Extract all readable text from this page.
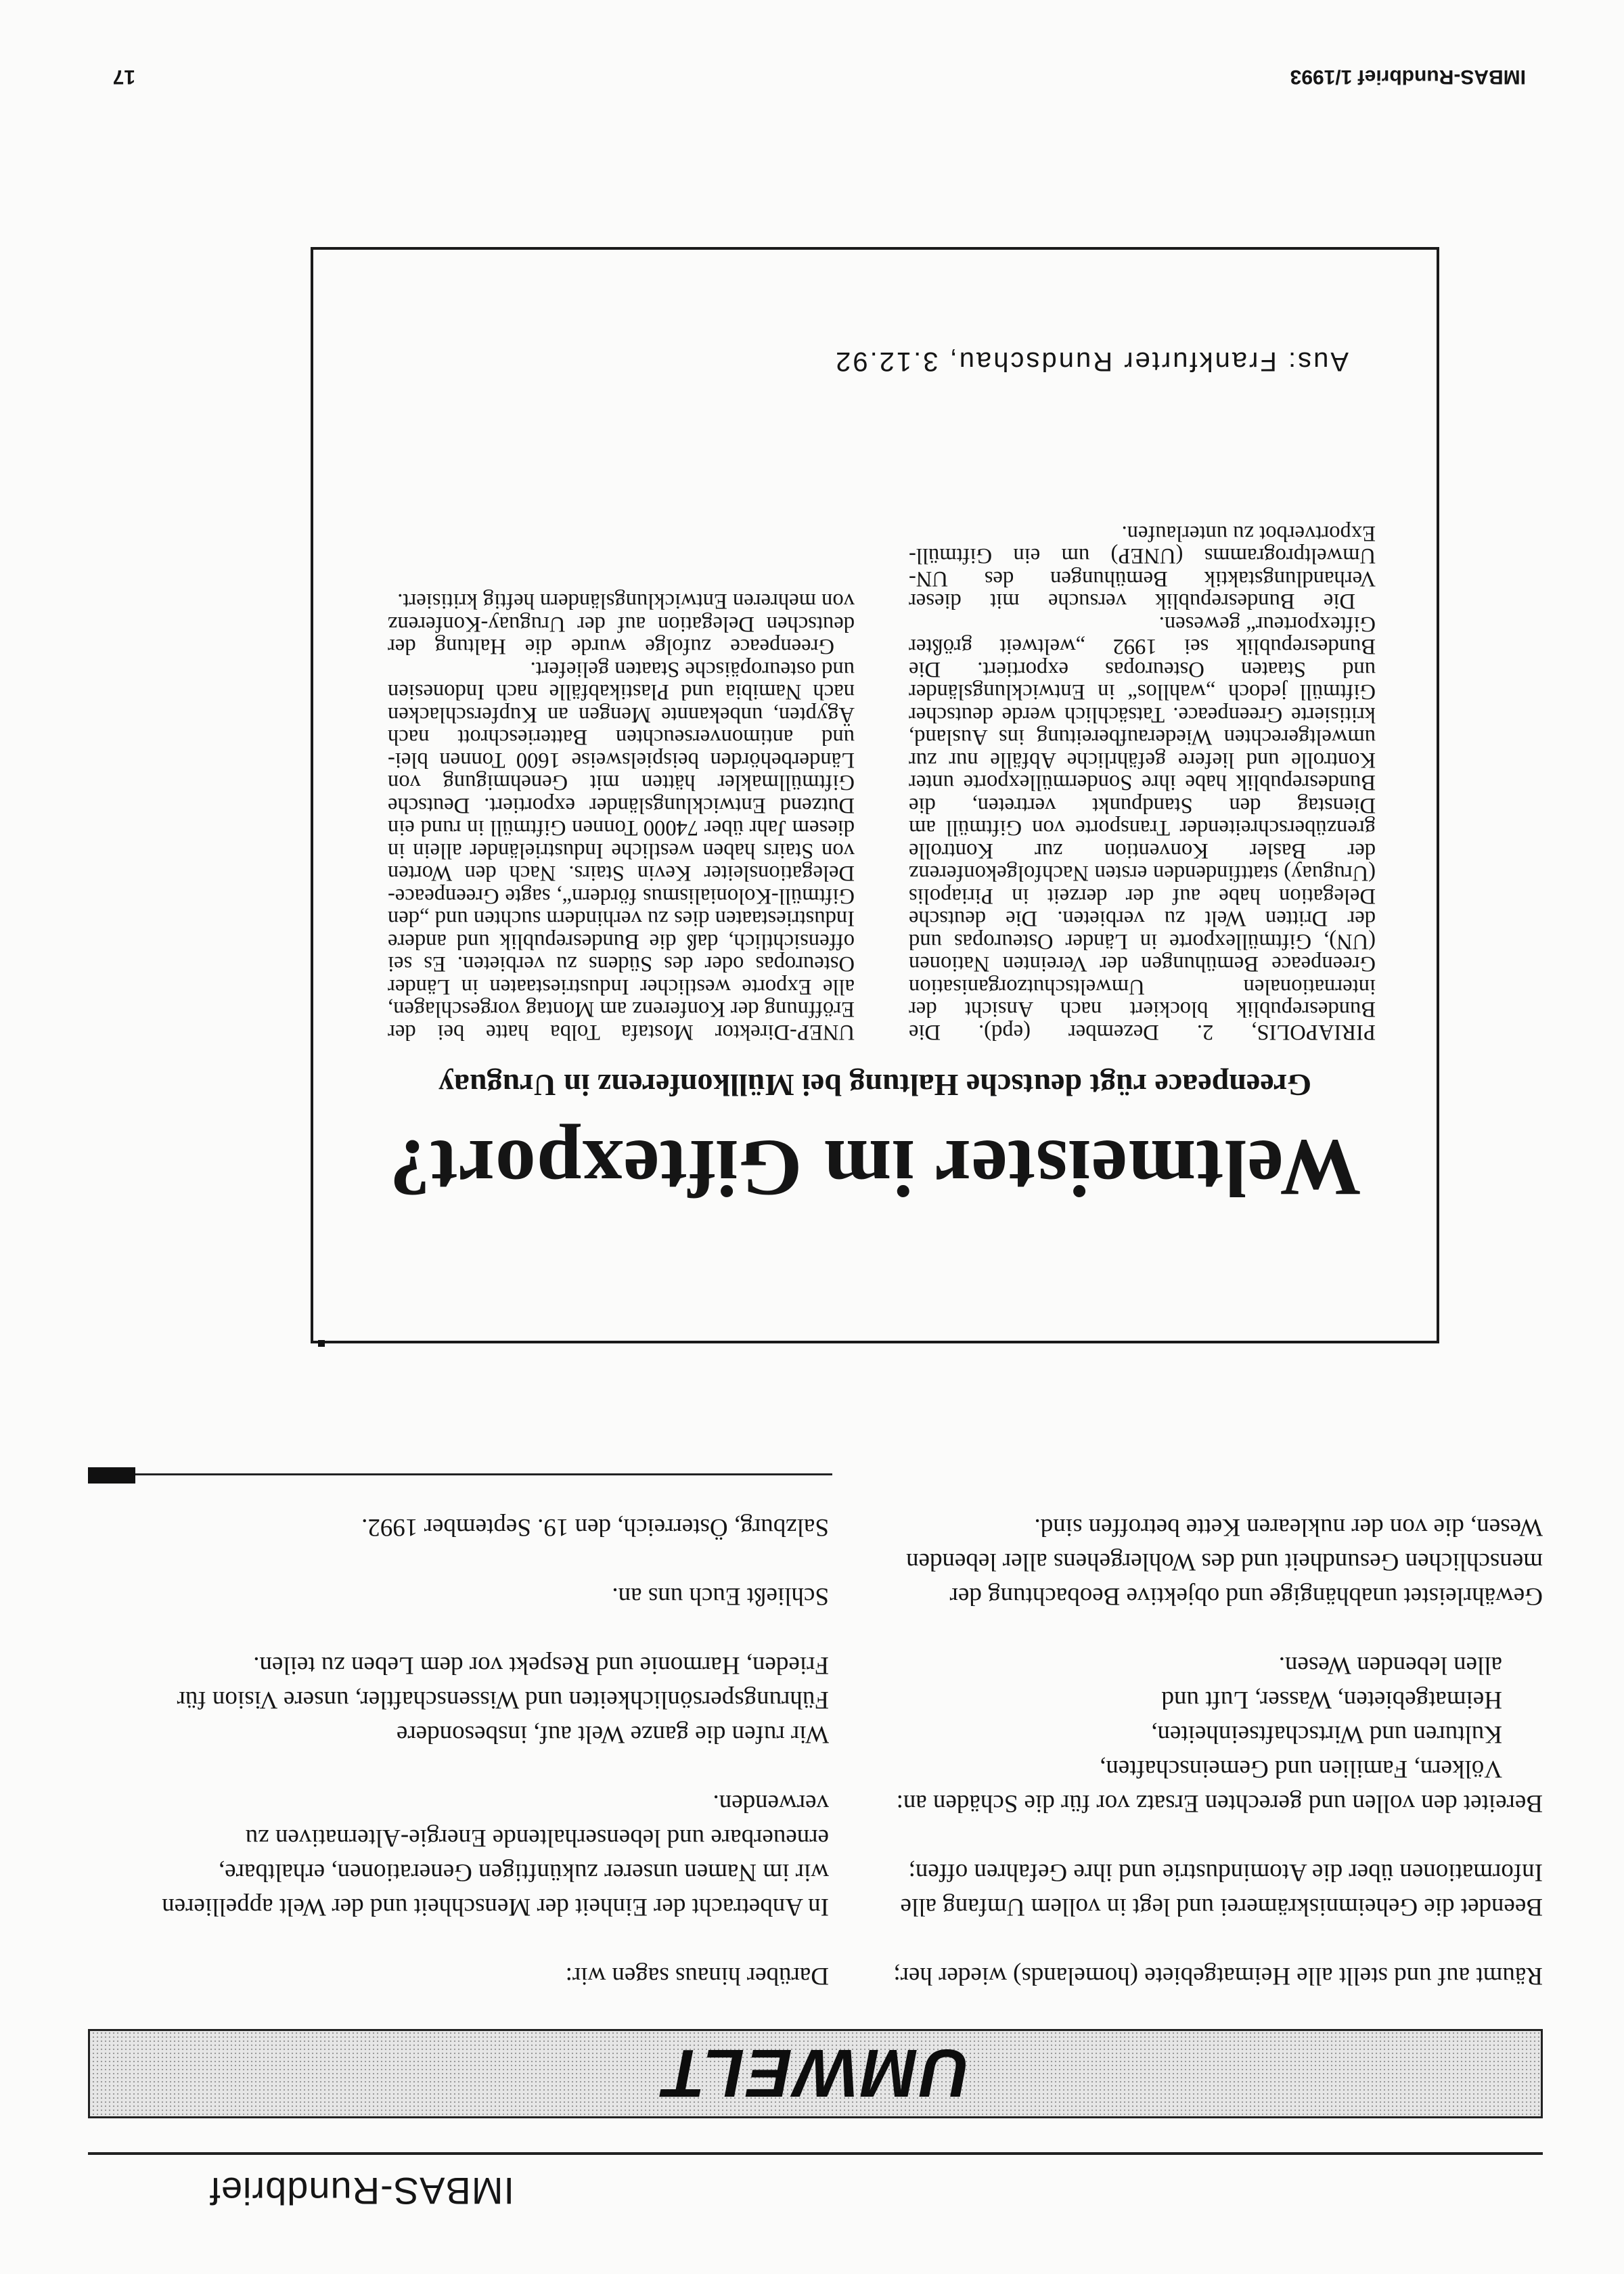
IMBAS-Rundbrief
UMWELT

Räumt auf und stellt alle Heimatgebiete (homelands) wieder her;

Beendet die Geheimniskrämerei und legt in vollem Umfang alle Informationen über die Atomindustrie und ihre Gefahren offen;

Bereitet den vollen und gerechten Ersatz vor für die Schäden an:

Völkern, Familien und Gemeinschaften,

Kulturen und Wirtschaftseinheiten,

Heimatgebieten, Wasser, Luft und

allen lebenden Wesen.

Gewährleistet unabhängige und objektive Beobachtung der menschlichen Gesundheit und des Wohlergehens aller lebenden Wesen, die von der nuklearen Kette betroffen sind.

Darüber hinaus sagen wir:

In Anbetracht der Einheit der Menschheit und der Welt appellieren wir im Namen unserer zukünftigen Generationen, erhaltbare, erneuerbare und lebenserhaltende Energie-Alternativen zu verwenden.

Wir rufen die ganze Welt auf, insbesondere Führungspersönlichkeiten und Wissenschaftler, unsere Vision für Frieden, Harmonie und Respekt vor dem Leben zu teilen.

Schließt Euch uns an.

Salzburg, Österreich, den 19. September 1992.

Weltmeister im Giftexport?
Greenpeace rügt deutsche Haltung bei Müllkonferenz in Uruguay

PIRIAPOLIS, 2. Dezember (epd). Die Bundesrepublik blockiert nach Ansicht der internationalen Umweltschutzorganisation Greenpeace Bemühungen der Vereinten Nationen (UN), Giftmüllexporte in Länder Osteuropas und der Dritten Welt zu verbieten. Die deutsche Delegation habe auf der derzeit in Piriapolis (Uruguay) stattfindenden ersten Nachfolgekonferenz der Basler Konvention zur Kontrolle grenzüberschreitender Transporte von Giftmüll am Dienstag den Standpunkt vertreten, die Bundesrepublik habe ihre Sondermüllexporte unter Kontrolle und liefere gefährliche Abfälle nur zur umweltgerechten Wiederaufbereitung ins Ausland, kritisierte Greenpeace. Tatsächlich werde deutscher Giftmüll jedoch „wahllos“ in Entwicklungsländer und Staaten Osteuropas exportiert. Die Bundesrepublik sei 1992 „weltweit größter Giftexporteur“ gewesen.

Die Bundesrepublik versuche mit dieser Verhandlungstaktik Bemühungen des UN-Umweltprogramms (UNEP) um ein Giftmüll-Exportverbot zu unterlaufen.

UNEP-Direktor Mostafa Tolba hatte bei der Eröffnung der Konferenz am Montag vorgeschlagen, alle Exporte westlicher Industriestaaten in Länder Osteuropas oder des Südens zu verbieten. Es sei offensichtlich, daß die Bundesrepublik und andere Industriestaaten dies zu verhindern suchten und „den Giftmüll-Kolonialismus fördern“, sagte Greenpeace-Delegationsleiter Kevin Stairs. Nach den Worten von Stairs haben westliche Industrieländer allein in diesem Jahr über 74000 Tonnen Giftmüll in rund ein Dutzend Entwicklungsländer exportiert. Deutsche Giftmüllmakler hätten mit Genehmigung von Länderbehörden beispielsweise 1600 Tonnen blei- und antimonverseuchten Batterieschrott nach Ägypten, unbekannte Mengen an Kupferschlacken nach Namibia und Plastikabfälle nach Indonesien und osteuropäische Staaten geliefert.

Greenpeace zufolge wurde die Haltung der deutschen Delegation auf der Uruguay-Konferenz von mehreren Entwicklungsländern heftig kritisiert.

Aus: Frankfurter Rundschau, 3.12.92
IMBAS-Rundbrief 1/1993
17
